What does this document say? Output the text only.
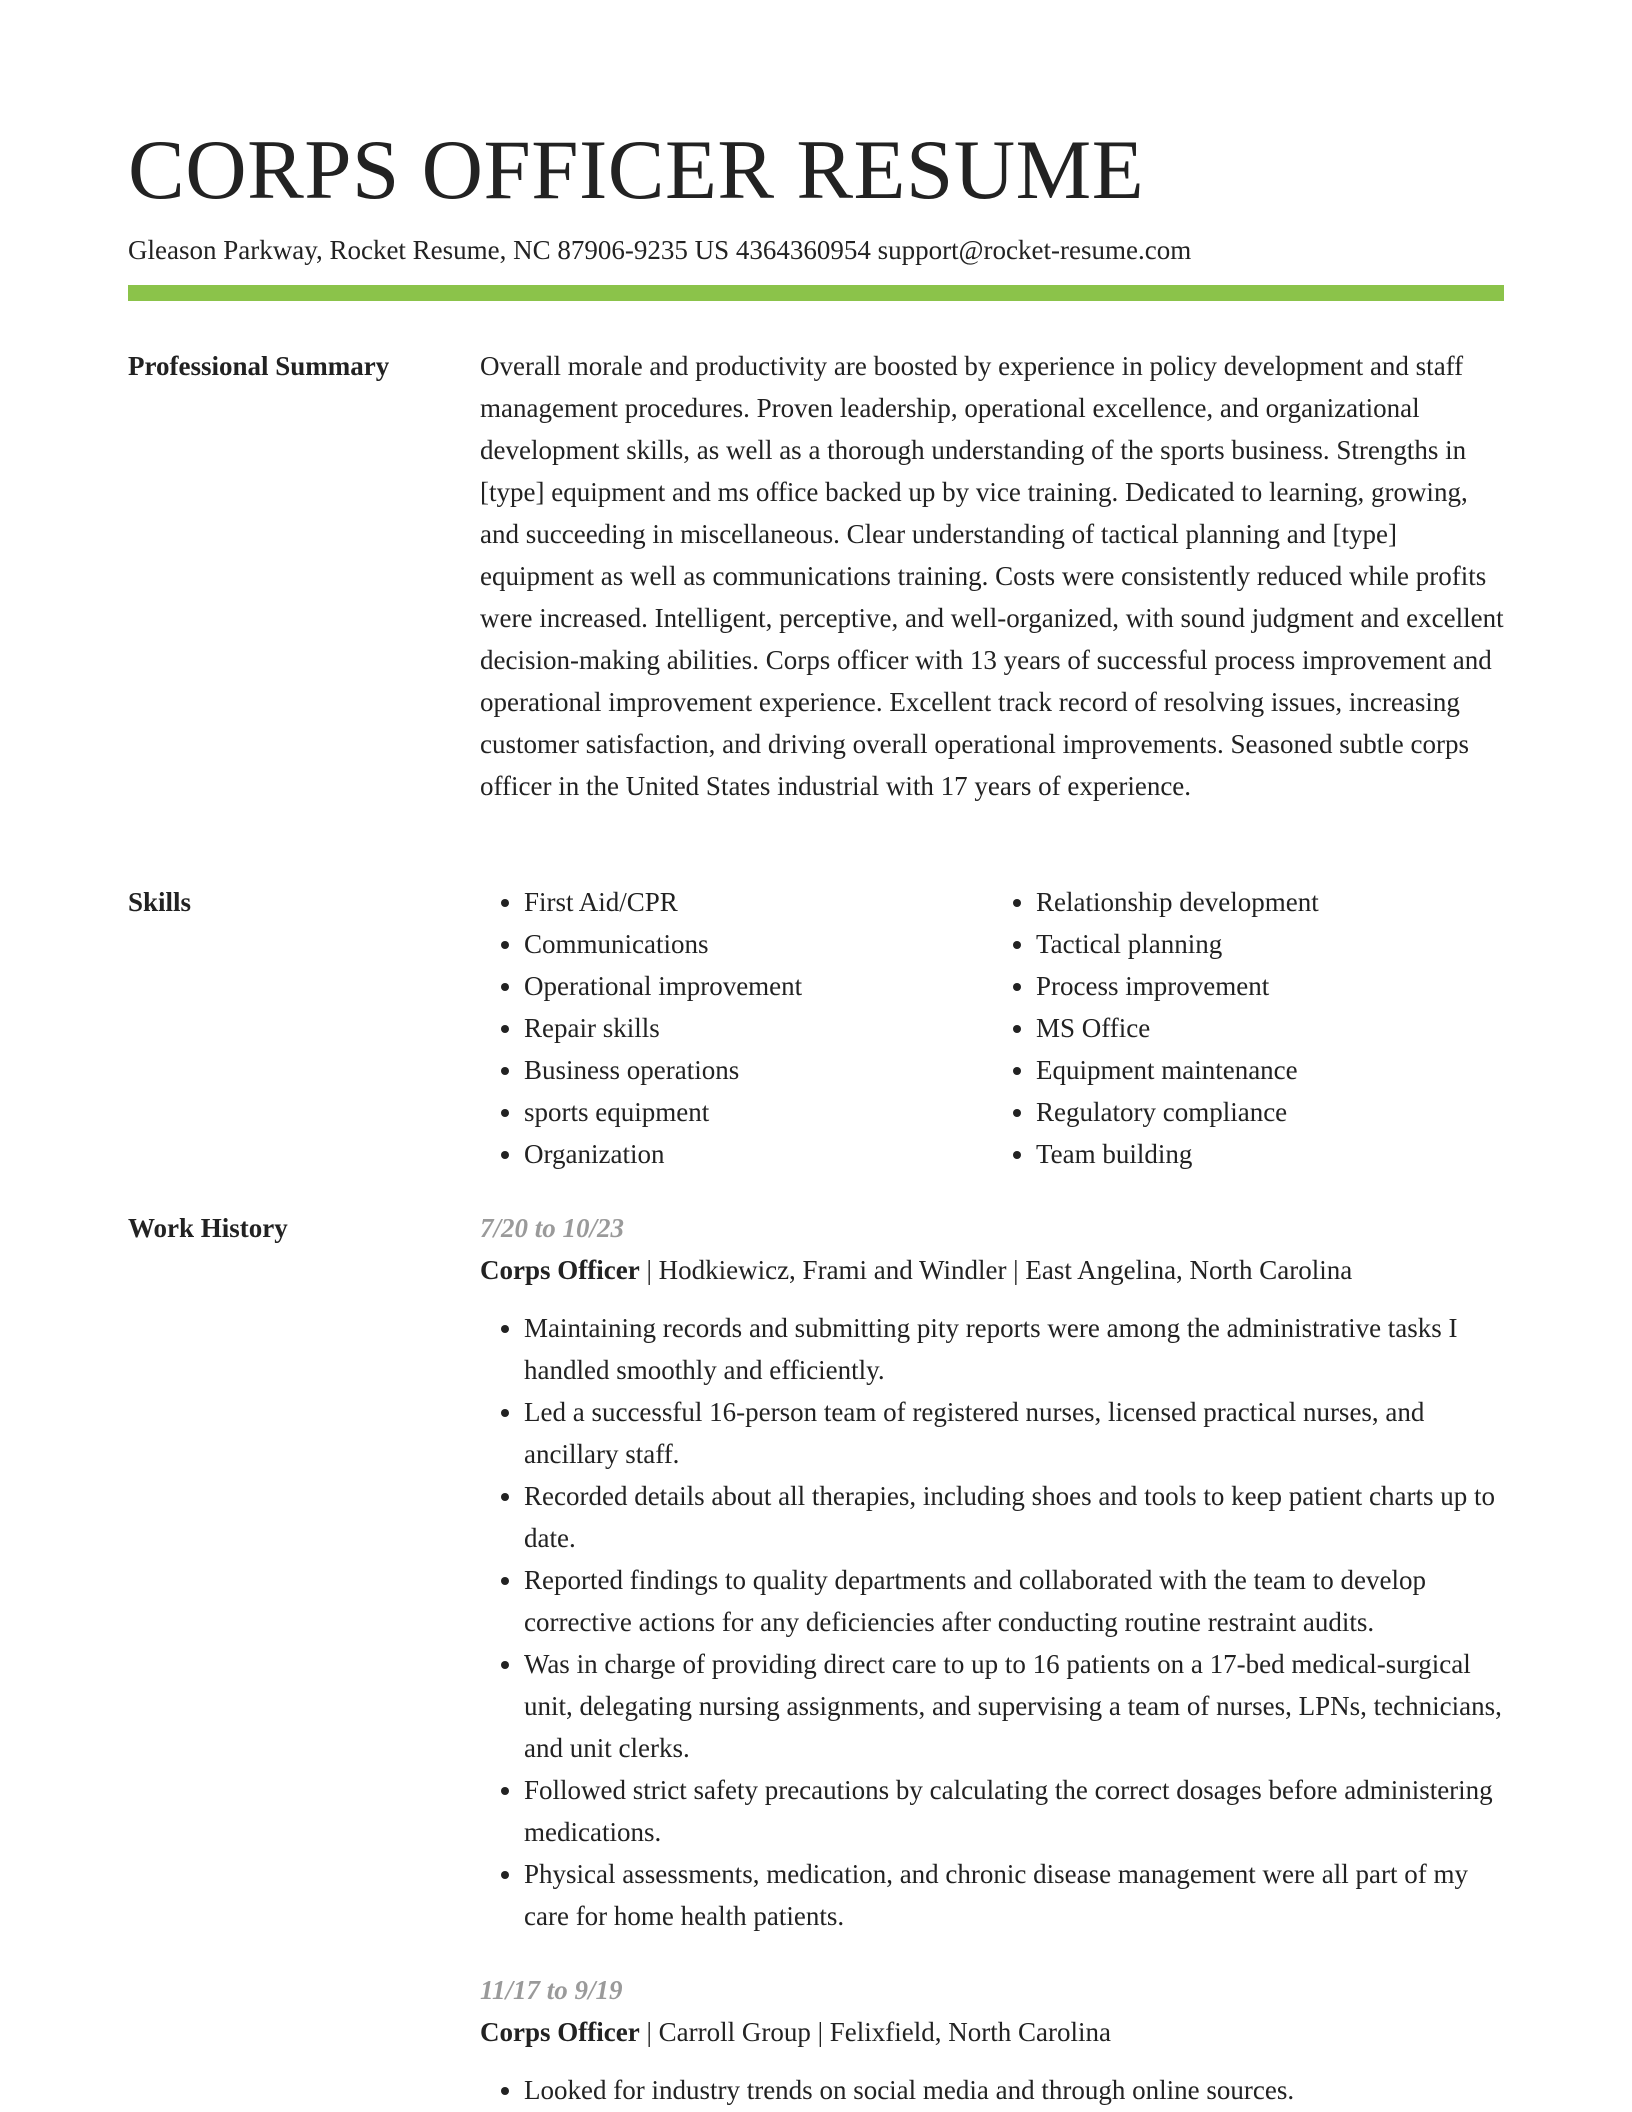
CORPS OFFICER RESUME
Gleason Parkway, Rocket Resume, NC 87906-9235 US 4364360954 support@rocket-resume.com
Professional Summary	Overall morale and productivity are boosted by experience in policy development and staff management procedures. Proven leadership, operational excellence, and organizational development skills, as well as a thorough understanding of the sports business. Strengths in [type] equipment and ms office backed up by vice training. Dedicated to learning, growing, and succeeding in miscellaneous. Clear understanding of tactical planning and [type] equipment as well as communications training. Costs were consistently reduced while profits were increased. Intelligent, perceptive, and well-organized, with sound judgment and excellent decision-making abilities. Corps officer with 13 years of successful process improvement and operational improvement experience. Excellent track record of resolving issues, increasing customer satisfaction, and driving overall operational improvements. Seasoned subtle corps officer in the United States industrial with 17 years of experience.

Skills
•	First Aid/CPR
• Communications
• Operational improvement
• Repair skills
• Business operations
• sports equipment
• Organization
• Relationship development
• Tactical planning
• Process improvement
• MS Office
• Equipment maintenance
• Regulatory compliance
• Team building
Work History	7/20 to 10/23
Corps Officer | Hodkiewicz, Frami and Windler | East Angelina, North Carolina
• Maintaining records and submitting pity reports were among the administrative tasks I handled smoothly and efficiently.
• Led a successful 16-person team of registered nurses, licensed practical nurses, and ancillary staff.
• Recorded details about all therapies, including shoes and tools to keep patient charts up to date.
• Reported findings to quality departments and collaborated with the team to develop corrective actions for any deficiencies after conducting routine restraint audits.
• Was in charge of providing direct care to up to 16 patients on a 17-bed medical-surgical unit, delegating nursing assignments, and supervising a team of nurses, LPNs, technicians, and unit clerks.
• Followed strict safety precautions by calculating the correct dosages before administering medications.
• Physical assessments, medication, and chronic disease management were all part of my care for home health patients.
11/17 to 9/19
Corps Officer | Carroll Group | Felixfield, North Carolina
• Looked for industry trends on social media and through online sources.
